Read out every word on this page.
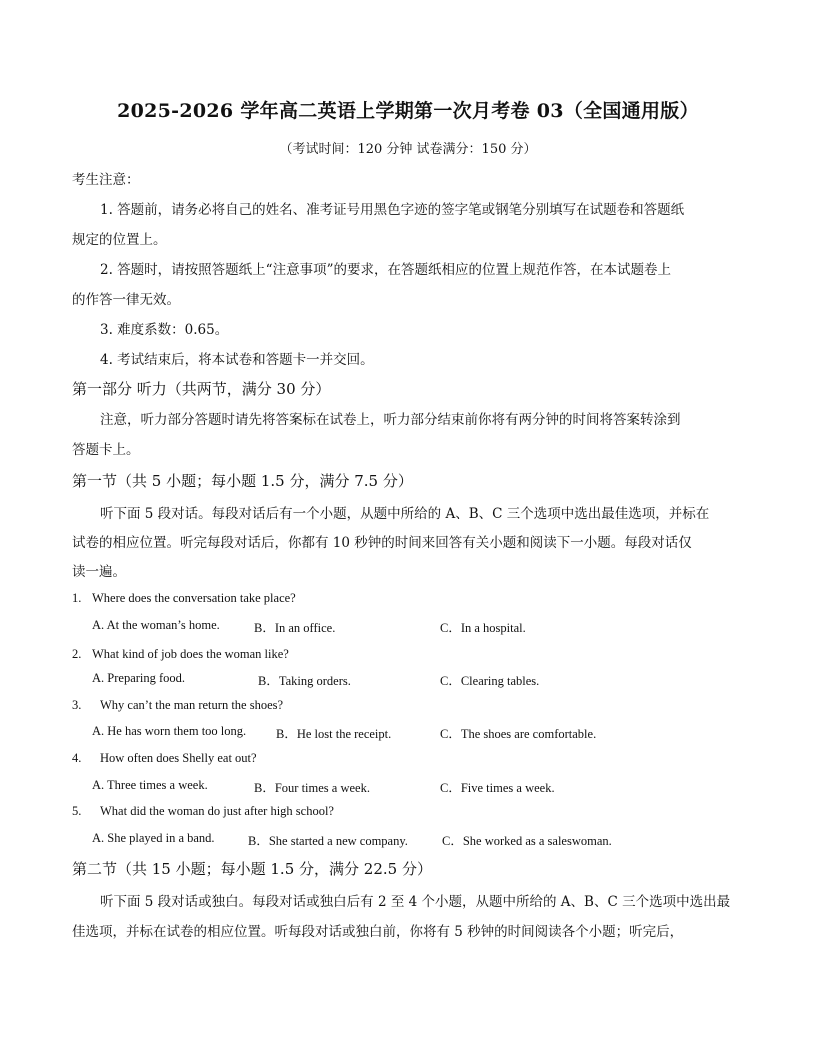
2025-2026 学年高二英语上学期第一次月考卷 03（全国通用版）
（考试时间：120 分钟 试卷满分：150 分）
考生注意：
1. 答题前，请务必将自己的姓名、准考证号用黑色字迹的签字笔或钢笔分别填写在试题卷和答题纸
规定的位置上。
2. 答题时，请按照答题纸上“注意事项”的要求，在答题纸相应的位置上规范作答，在本试题卷上
的作答一律无效。
3. 难度系数：0.65。
4. 考试结束后，将本试卷和答题卡一并交回。
第一部分 听力（共两节，满分 30 分）
注意，听力部分答题时请先将答案标在试卷上，听力部分结束前你将有两分钟的时间将答案转涂到
答题卡上。
第一节（共 5 小题；每小题 1.5 分，满分 7.5 分）
听下面 5 段对话。每段对话后有一个小题，从题中所给的 A、B、C 三个选项中选出最佳选项，并标在
试卷的相应位置。听完每段对话后，你都有 10 秒钟的时间来回答有关小题和阅读下一小题。每段对话仅
读一遍。
1. Where does the conversation take place?
A. At the woman’s home.	B．In an office.	C．In a hospital.
2. What kind of job does the woman like?
A. Preparing food.	B．Taking orders.	C．Clearing tables.
3. Why can’t the man return the shoes?
A. He has worn them too long. B．He lost the receipt.	C．The shoes are comfortable.
4. How often does Shelly eat out?
A. Three times a week.	B．Four times a week.	C．Five times a week.
5. What did the woman do just after high school?
A. She played in a band.	B．She started a new company.	C．She worked as a saleswoman.
第二节（共 15 小题；每小题 1.5 分，满分 22.5 分）
听下面 5 段对话或独白。每段对话或独白后有 2 至 4 个小题，从题中所给的 A、B、C 三个选项中选出最
佳选项，并标在试卷的相应位置。听每段对话或独白前，你将有 5 秒钟的时间阅读各个小题；听完后，
